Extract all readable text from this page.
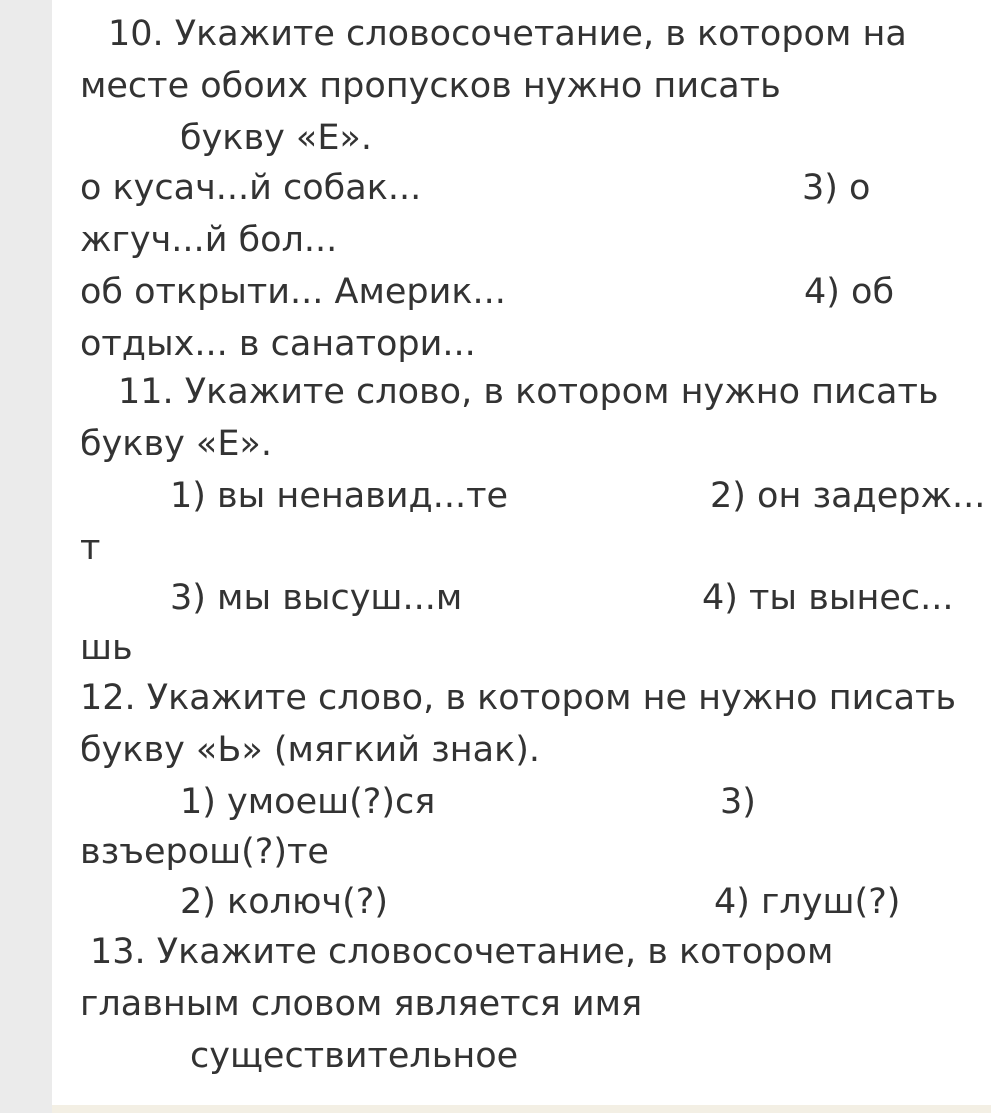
10. Укажите словосочетание, в котором на

месте обоих пропусков нужно писать

букву «Е».

о кусач...й собак...	3) о

жгуч...й бол...

об открыти... Америк...	4) об

отдых... в санатори...

11. Укажите слово, в котором нужно писать

букву «Е».

1) вы ненавид...те	2) он задерж...

т

3) мы высуш...м	4) ты вынес...

шь

12. Укажите слово, в котором не нужно писать

букву «Ь» (мягкий знак).

1) умоеш(?)ся	3)

взъерош(?)те

2) колюч(?)	4) глуш(?)

13. Укажите словосочетание, в котором

главным словом является имя

существительное
